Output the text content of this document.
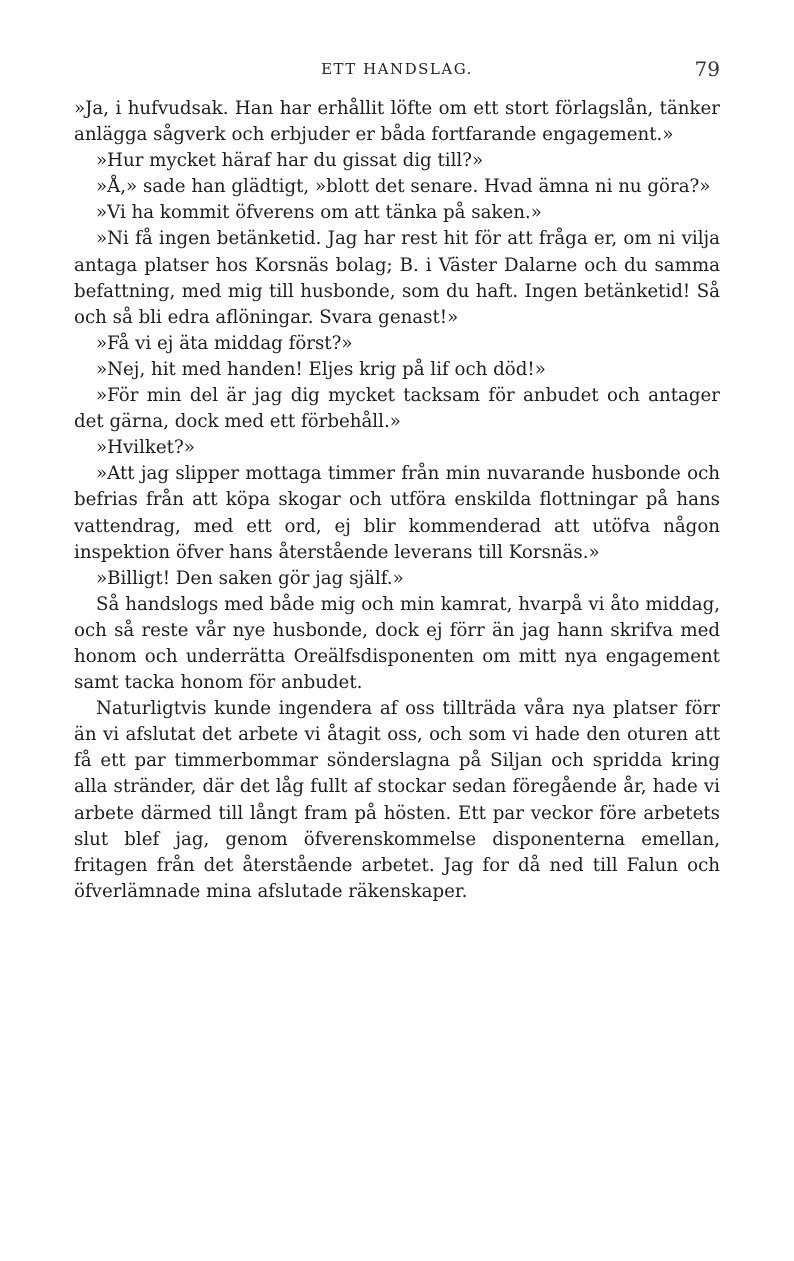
ETT HANDSLAG.	79

»Ja, i hufvudsak. Han har erhållit löfte om ett stort förlagslån, tänker anlägga sågverk och erbjuder er båda fortfarande engagement.»

»Hur mycket häraf har du gissat dig till?»

»Å,» sade han glädtigt, »blott det senare. Hvad ämna ni nu göra?»

»Vi ha kommit öfverens om att tänka på saken.»

»Ni få ingen betänketid. Jag har rest hit för att fråga er, om ni vilja antaga platser hos Korsnäs bolag; B. i Väster Dalarne och du samma befattning, med mig till husbonde, som du haft. Ingen betänketid! Så och så bli edra aflöningar. Svara genast!»

»Få vi ej äta middag först?»

»Nej, hit med handen! Eljes krig på lif och död!»

»För min del är jag dig mycket tacksam för anbudet och antager det gärna, dock med ett förbehåll.»

»Hvilket?»

»Att jag slipper mottaga timmer från min nuvarande husbonde och befrias från att köpa skogar och utföra enskilda flottningar på hans vattendrag, med ett ord, ej blir kommenderad att utöfva någon inspektion öfver hans återstående leverans till Korsnäs.»

»Billigt! Den saken gör jag själf.»

Så handslogs med både mig och min kamrat, hvarpå vi åto middag, och så reste vår nye husbonde, dock ej förr än jag hann skrifva med honom och underrätta Oreälfsdisponenten om mitt nya engagement samt tacka honom för anbudet.

Naturligtvis kunde ingendera af oss tillträda våra nya platser förr än vi afslutat det arbete vi åtagit oss, och som vi hade den oturen att få ett par timmerbommar sönderslagna på Siljan och spridda kring alla stränder, där det låg fullt af stockar sedan föregående år, hade vi arbete därmed till långt fram på hösten. Ett par veckor före arbetets slut blef jag, genom öfverenskommelse disponenterna emellan, fritagen från det återstående arbetet. Jag for då ned till Falun och öfverlämnade mina afslutade räkenskaper.
